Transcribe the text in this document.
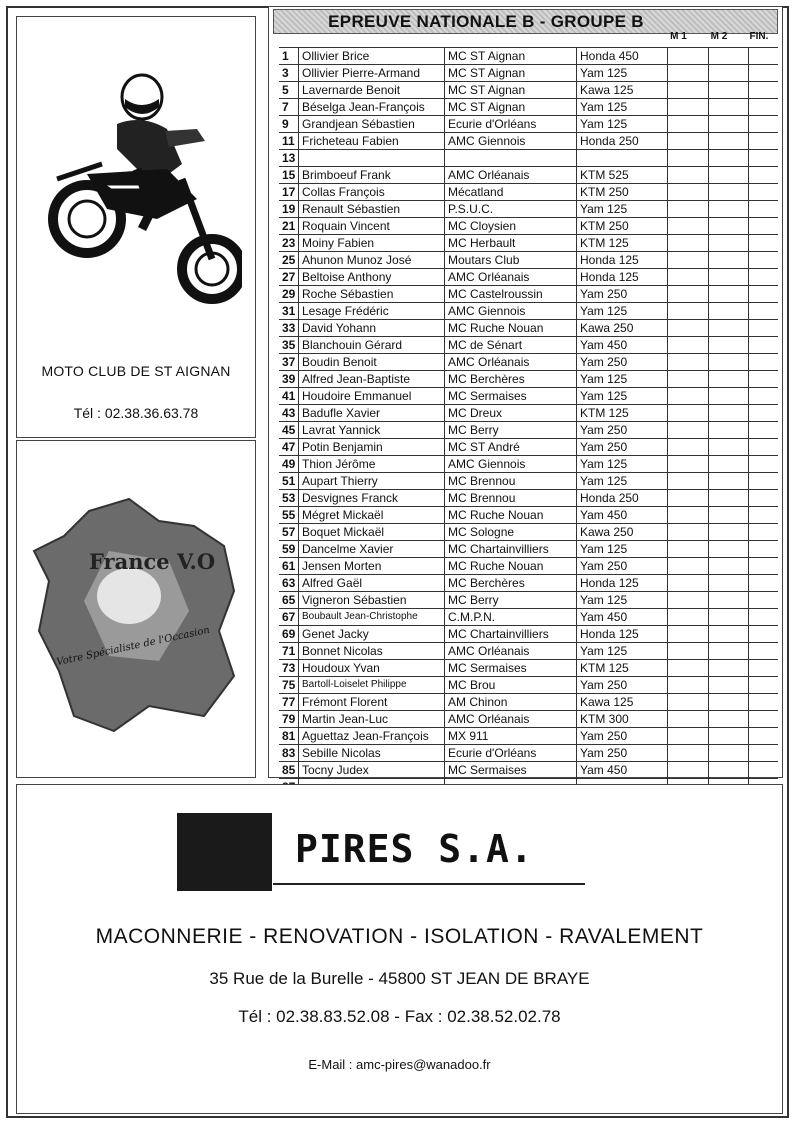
MOTO CLUB DE ST AIGNAN
Tél : 02.38.36.63.78
France V.O
Votre Spécialiste de l'Occasion
EPREUVE NATIONALE B - GROUPE B
M 1	M 2	FIN.
1	Ollivier Brice	MC ST Aignan	Honda 450
3	Ollivier Pierre-Armand	MC ST Aignan	Yam 125
5	Lavernarde Benoit	MC ST Aignan	Kawa 125
7	Béselga Jean-François	MC ST Aignan	Yam 125
9	Grandjean Sébastien	Ecurie d'Orléans	Yam 125
11 Fricheteau Fabien	AMC Giennois	Honda 250
13
15 Brimboeuf Frank	AMC Orléanais	KTM 525
17 Collas François	Mécatland	KTM 250
19 Renault Sébastien	P.S.U.C.	Yam 125
21 Roquain Vincent	MC Cloysien	KTM 250
23 Moiny Fabien	MC Herbault	KTM 125
25 Ahunon Munoz José	Moutars Club	Honda 125
27 Beltoise Anthony	AMC Orléanais	Honda 125
29 Roche Sébastien	MC Castelroussin	Yam 250
31 Lesage Frédéric	AMC Giennois	Yam 125
33 David Yohann	MC Ruche Nouan	Kawa 250
35 Blanchouin Gérard	MC de Sénart	Yam 450
37 Boudin Benoit	AMC Orléanais	Yam 250
39 Alfred Jean-Baptiste	MC Berchères	Yam 125
41 Houdoire Emmanuel	MC Sermaises	Yam 125
43 Badufle Xavier	MC Dreux	KTM 125
45 Lavrat Yannick	MC Berry	Yam 250
47 Potin Benjamin	MC ST André	Yam 250
49 Thion Jérôme	AMC Giennois	Yam 125
51 Aupart Thierry	MC Brennou	Yam 125
53 Desvignes Franck	MC Brennou	Honda 250
55 Mégret Mickaël	MC Ruche Nouan	Yam 450
57 Boquet Mickaël	MC Sologne	Kawa 250
59 Dancelme Xavier	MC Chartainvilliers	Yam 125
61 Jensen Morten	MC Ruche Nouan	Yam 250
63 Alfred Gaël	MC Berchères	Honda 125
65 Vigneron Sébastien	MC Berry	Yam 125
67 Boubault Jean-Christophe	C.M.P.N.	Yam 450
69 Genet Jacky	MC Chartainvilliers	Honda 125
71 Bonnet Nicolas	AMC Orléanais	Yam 125
73 Houdoux Yvan	MC Sermaises	KTM 125
75 Bartoll-Loiselet Philippe	MC Brou	Yam 250
77 Frémont Florent	AM Chinon	Kawa 125
79 Martin Jean-Luc	AMC Orléanais	KTM 300
81 Aguettaz Jean-François	MX 911	Yam 250
83 Sebille Nicolas	Ecurie d'Orléans	Yam 250
85 Tocny Judex	MC Sermaises	Yam 450
PIRES S.A.
MACONNERIE - RENOVATION - ISOLATION - RAVALEMENT
35 Rue de la Burelle - 45800 ST JEAN DE BRAYE
Tél : 02.38.83.52.08 - Fax : 02.38.52.02.78
E-Mail : amc-pires@wanadoo.fr
